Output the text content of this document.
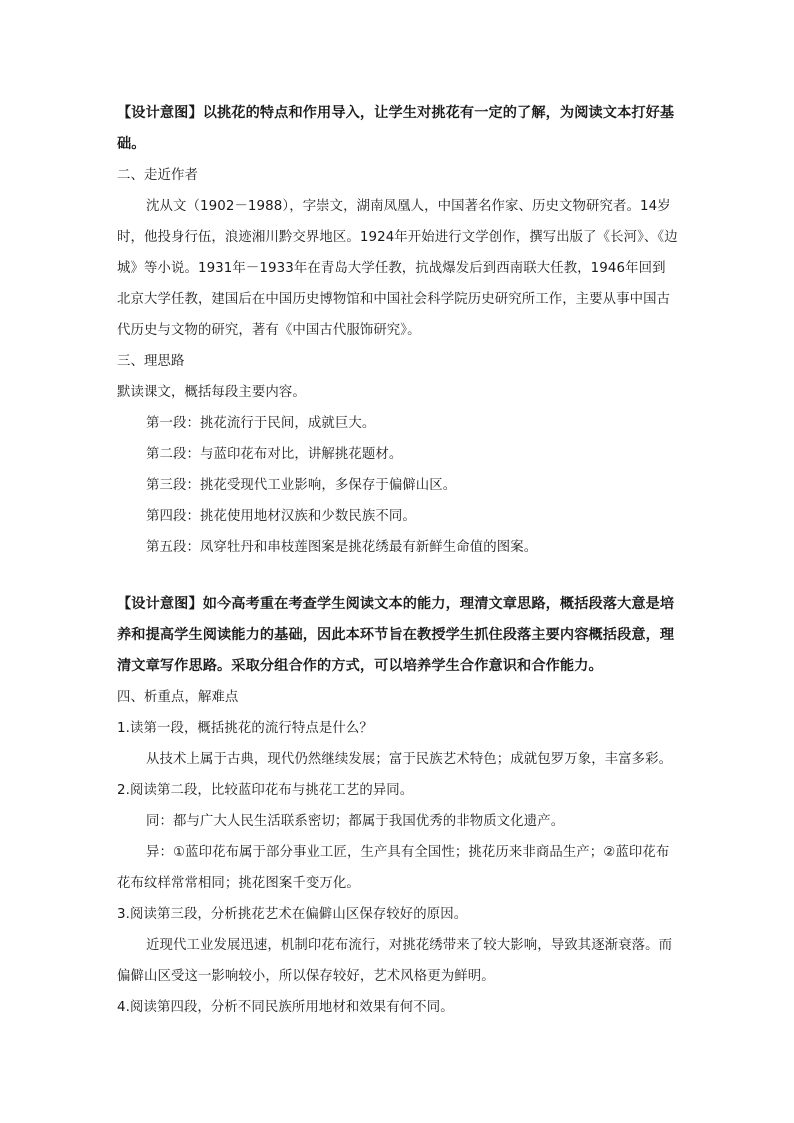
【设计意图】以挑花的特点和作用导入，让学生对挑花有一定的了解，为阅读文本打好基础。

二、走近作者

沈从文（1902－1988），字崇文，湖南凤凰人，中国著名作家、历史文物研究者。14岁时，他投身行伍，浪迹湘川黔交界地区。1924年开始进行文学创作，撰写出版了《长河》、《边城》等小说。1931年－1933年在青岛大学任教，抗战爆发后到西南联大任教，1946年回到北京大学任教，建国后在中国历史博物馆和中国社会科学院历史研究所工作，主要从事中国古代历史与文物的研究，著有《中国古代服饰研究》。

三、理思路

默读课文，概括每段主要内容。

第一段：挑花流行于民间，成就巨大。

第二段：与蓝印花布对比，讲解挑花题材。

第三段：挑花受现代工业影响，多保存于偏僻山区。

第四段：挑花使用地材汉族和少数民族不同。

第五段：凤穿牡丹和串枝莲图案是挑花绣最有新鲜生命值的图案。

【设计意图】如今高考重在考查学生阅读文本的能力，理清文章思路，概括段落大意是培养和提高学生阅读能力的基础，因此本环节旨在教授学生抓住段落主要内容概括段意，理清文章写作思路。采取分组合作的方式，可以培养学生合作意识和合作能力。

四、析重点，解难点

1.读第一段，概括挑花的流行特点是什么？

从技术上属于古典，现代仍然继续发展；富于民族艺术特色；成就包罗万象，丰富多彩。

2.阅读第二段，比较蓝印花布与挑花工艺的异同。

同：都与广大人民生活联系密切；都属于我国优秀的非物质文化遗产。

异：①蓝印花布属于部分事业工匠，生产具有全国性；挑花历来非商品生产；②蓝印花布花布纹样常常相同；挑花图案千变万化。

3.阅读第三段，分析挑花艺术在偏僻山区保存较好的原因。

近现代工业发展迅速，机制印花布流行，对挑花绣带来了较大影响，导致其逐渐衰落。而偏僻山区受这一影响较小，所以保存较好，艺术风格更为鲜明。

4.阅读第四段，分析不同民族所用地材和效果有何不同。
